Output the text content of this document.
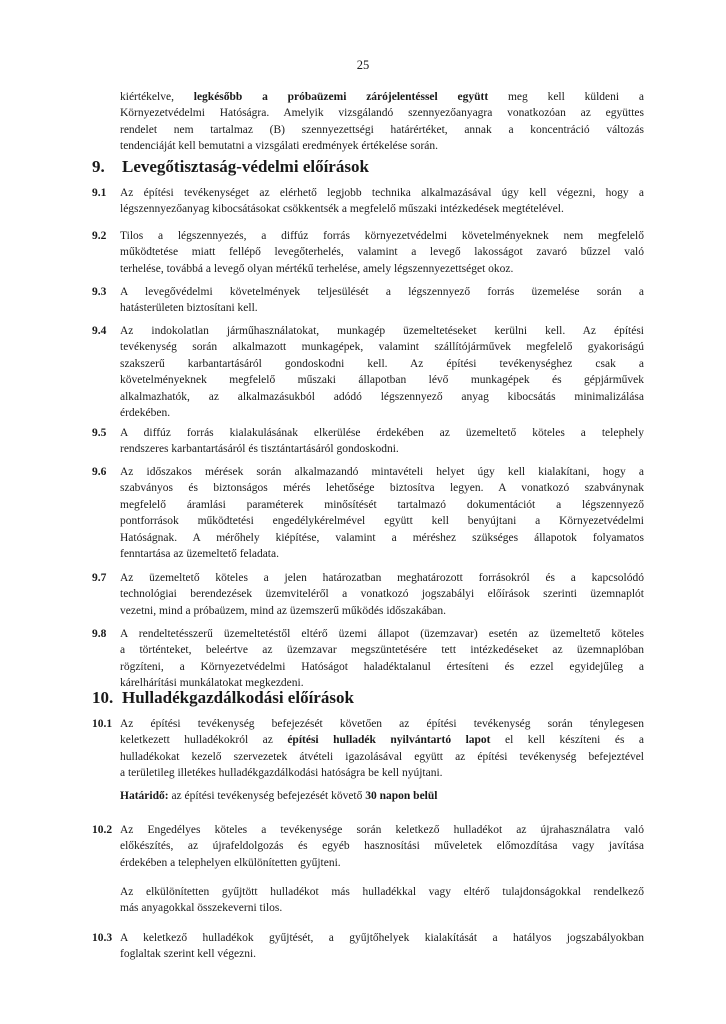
25
kiértékelve, legkésőbb a próbaüzemi zárójelentéssel együtt meg kell küldeni a
Környezetvédelmi Hatóságra. Amelyik vizsgálandó szennyezőanyagra vonatkozóan az együttes
rendelet nem tartalmaz (B) szennyezettségi határértéket, annak a koncentráció változás
tendenciáját kell bemutatni a vizsgálati eredmények értékelése során.
9. Levegőtisztaság-védelmi előírások
9.1 Az építési tevékenységet az elérhető legjobb technika alkalmazásával úgy kell végezni, hogy a
légszennyezőanyag kibocsátásokat csökkentsék a megfelelő műszaki intézkedések megtételével.
9.2 Tilos a légszennyezés, a diffúz forrás környezetvédelmi követelményeknek nem megfelelő
működtetése miatt fellépő levegőterhelés, valamint a levegő lakosságot zavaró bűzzel való
terhelése, továbbá a levegő olyan mértékű terhelése, amely légszennyezettséget okoz.
9.3 A levegővédelmi követelmények teljesülését a légszennyező forrás üzemelése során a
hatásterületen biztosítani kell.
9.4 Az indokolatlan járműhasználatokat, munkagép üzemeltetéseket kerülni kell. Az építési
tevékenység során alkalmazott munkagépek, valamint szállítójárművek megfelelő gyakoriságú
szakszerű karbantartásáról gondoskodni kell. Az építési tevékenységhez csak a
követelményeknek megfelelő műszaki állapotban lévő munkagépek és gépjárművek
alkalmazhatók, az alkalmazásukból adódó légszennyező anyag kibocsátás minimalizálása
érdekében.
9.5 A diffúz forrás kialakulásának elkerülése érdekében az üzemeltető köteles a telephely
rendszeres karbantartásáról és tisztántartásáról gondoskodni.
9.6 Az időszakos mérések során alkalmazandó mintavételi helyet úgy kell kialakítani, hogy a
szabványos és biztonságos mérés lehetősége biztosítva legyen. A vonatkozó szabványnak
megfelelő áramlási paraméterek minősítését tartalmazó dokumentációt a légszennyező
pontforrások működtetési engedélykérelmével együtt kell benyújtani a Környezetvédelmi
Hatóságnak. A mérőhely kiépítése, valamint a méréshez szükséges állapotok folyamatos
fenntartása az üzemeltető feladata.
9.7 Az üzemeltető köteles a jelen határozatban meghatározott forrásokról és a kapcsolódó
technológiai berendezések üzemviteléről a vonatkozó jogszabályi előírások szerinti üzemnaplót
vezetni, mind a próbaüzem, mind az üzemszerű működés időszakában.
9.8 A rendeltetésszerű üzemeltetéstől eltérő üzemi állapot (üzemzavar) esetén az üzemeltető köteles
a történteket, beleértve az üzemzavar megszüntetésére tett intézkedéseket az üzemnaplóban
rögzíteni, a Környezetvédelmi Hatóságot haladéktalanul értesíteni és ezzel egyidejűleg a
kárelhárítási munkálatokat megkezdeni.
10. Hulladékgazdálkodási előírások
10.1 Az építési tevékenység befejezését követően az építési tevékenység során ténylegesen
keletkezett hulladékokról az építési hulladék nyilvántartó lapot el kell készíteni és a
hulladékokat kezelő szervezetek átvételi igazolásával együtt az építési tevékenység befejeztével
a területileg illetékes hulladékgazdálkodási hatóságra be kell nyújtani.
Határidő: az építési tevékenység befejezését követő 30 napon belül
10.2 Az Engedélyes köteles a tevékenysége során keletkező hulladékot az újrahasználatra való
előkészítés, az újrafeldolgozás és egyéb hasznosítási műveletek előmozdítása vagy javítása
érdekében a telephelyen elkülönítetten gyűjteni.
Az elkülönítetten gyűjtött hulladékot más hulladékkal vagy eltérő tulajdonságokkal rendelkező
más anyagokkal összekeverni tilos.
10.3 A keletkező hulladékok gyűjtését, a gyűjtőhelyek kialakítását a hatályos jogszabályokban
foglaltak szerint kell végezni.
